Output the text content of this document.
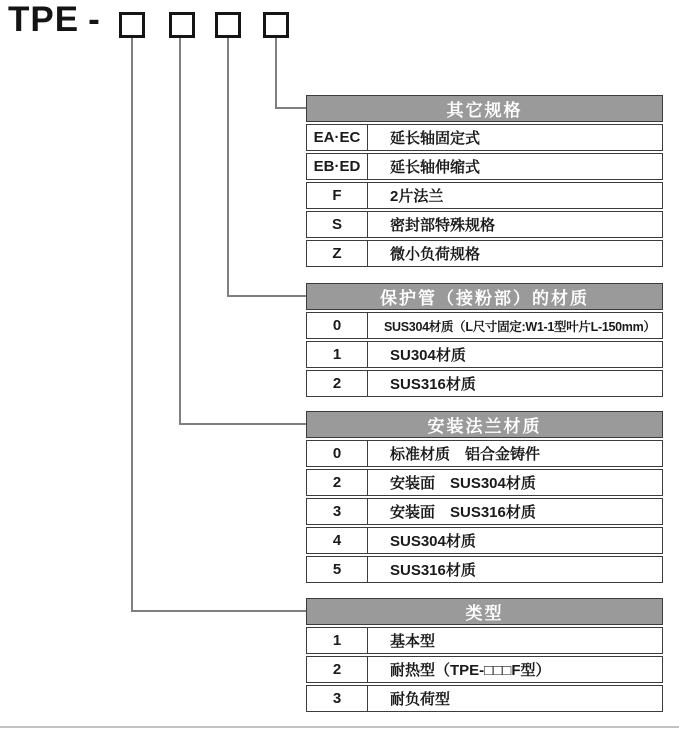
TPE -
其它规格
EA·EC	延长轴固定式
EB·ED	延长轴伸缩式
F	2片法兰
S	密封部特殊规格
Z	微小负荷规格
保护管（接粉部）的材质
0	SUS304材质（L尺寸固定:W1-1型叶片L-150mm）
1	SU304材质
2	SUS316材质
安装法兰材质
0	标准材质　铝合金铸件
2	安装面　SUS304材质
3	安装面　SUS316材质
4	SUS304材质
5	SUS316材质
类型
1	基本型
2	耐热型（TPE-□□□F型）
3	耐负荷型
